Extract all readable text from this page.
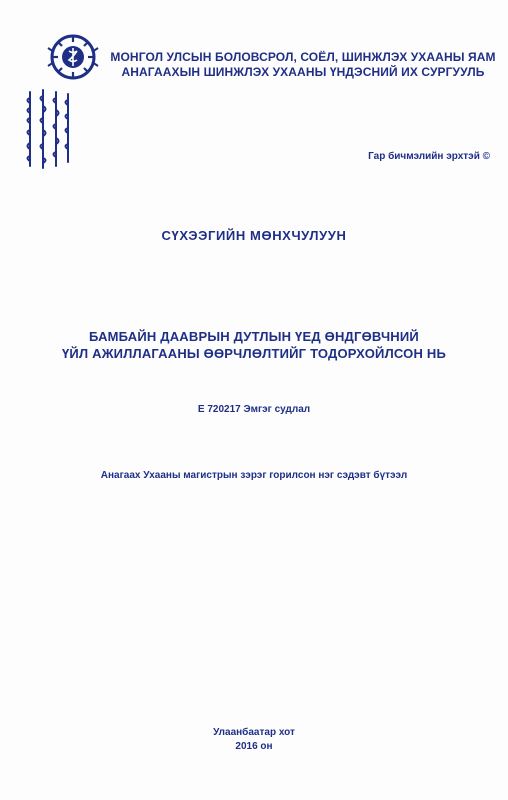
МОНГОЛ УЛСЫН БОЛОВСРОЛ, СОЁЛ, ШИНЖЛЭХ УХААНЫ ЯАМ
АНАГААХЫН ШИНЖЛЭХ УХААНЫ ҮНДЭСНИЙ ИХ СУРГУУЛЬ
Гар бичмэлийн эрхтэй ©
СҮХЭЭГИЙН МӨНХЧУЛУУН
БАМБАЙН ДААВРЫН ДУТЛЫН ҮЕД ӨНДГӨВЧНИЙ
ҮЙЛ АЖИЛЛАГААНЫ ӨӨРЧЛӨЛТИЙГ ТОДОРХОЙЛСОН НЬ
Е 720217 Эмгэг судлал
Анагаах Ухааны магистрын зэрэг горилсон нэг сэдэвт бүтээл
Улаанбаатар хот
2016 он
